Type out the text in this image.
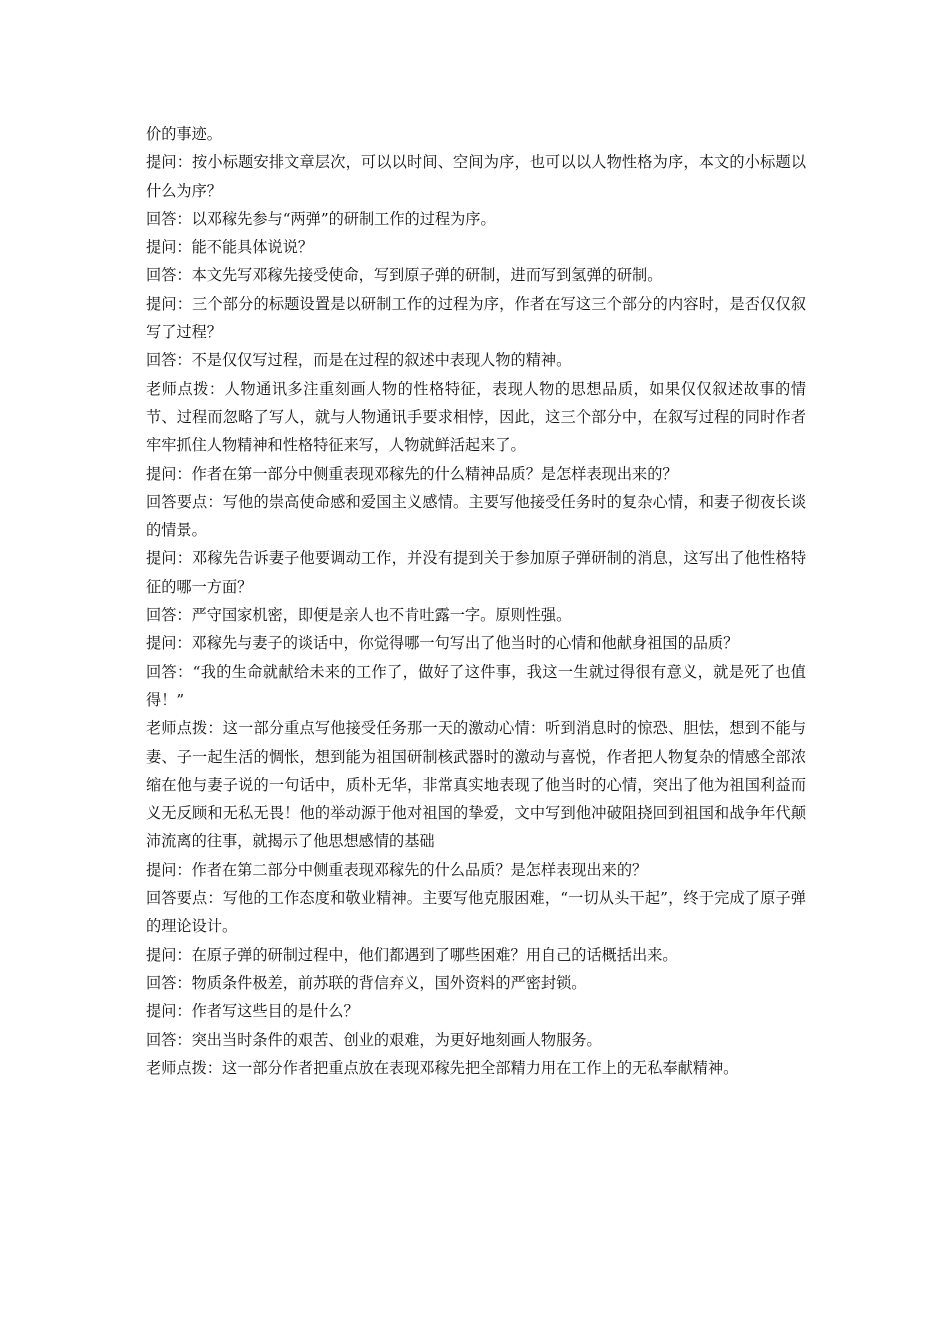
价的事迹。

提问：按小标题安排文章层次，可以以时间、空间为序，也可以以人物性格为序，本文的小标题以什么为序？

回答：以邓稼先参与“两弹”的研制工作的过程为序。

提问：能不能具体说说？

回答：本文先写邓稼先接受使命，写到原子弹的研制，进而写到氢弹的研制。

提问：三个部分的标题设置是以研制工作的过程为序，作者在写这三个部分的内容时，是否仅仅叙写了过程？

回答：不是仅仅写过程，而是在过程的叙述中表现人物的精神。

老师点拨：人物通讯多注重刻画人物的性格特征，表现人物的思想品质，如果仅仅叙述故事的情节、过程而忽略了写人，就与人物通讯手要求相悖，因此，这三个部分中，在叙写过程的同时作者牢牢抓住人物精神和性格特征来写，人物就鲜活起来了。

提问：作者在第一部分中侧重表现邓稼先的什么精神品质？是怎样表现出来的？

回答要点：写他的崇高使命感和爱国主义感情。主要写他接受任务时的复杂心情，和妻子彻夜长谈的情景。

提问：邓稼先告诉妻子他要调动工作，并没有提到关于参加原子弹研制的消息，这写出了他性格特征的哪一方面？

回答：严守国家机密，即便是亲人也不肯吐露一字。原则性强。

提问：邓稼先与妻子的谈话中，你觉得哪一句写出了他当时的心情和他献身祖国的品质？

回答：“我的生命就献给未来的工作了，做好了这件事，我这一生就过得很有意义，就是死了也值得！”

老师点拨：这一部分重点写他接受任务那一天的激动心情：听到消息时的惊恐、胆怯，想到不能与妻、子一起生活的惆怅，想到能为祖国研制核武器时的激动与喜悦，作者把人物复杂的情感全部浓缩在他与妻子说的一句话中，质朴无华，非常真实地表现了他当时的心情，突出了他为祖国利益而义无反顾和无私无畏！他的举动源于他对祖国的挚爱，文中写到他冲破阻挠回到祖国和战争年代颠沛流离的往事，就揭示了他思想感情的基础

提问：作者在第二部分中侧重表现邓稼先的什么品质？是怎样表现出来的？

回答要点：写他的工作态度和敬业精神。主要写他克服困难，“一切从头干起”，终于完成了原子弹的理论设计。

提问：在原子弹的研制过程中，他们都遇到了哪些困难？用自己的话概括出来。

回答：物质条件极差，前苏联的背信弃义，国外资料的严密封锁。

提问：作者写这些目的是什么？

回答：突出当时条件的艰苦、创业的艰难，为更好地刻画人物服务。

老师点拨：这一部分作者把重点放在表现邓稼先把全部精力用在工作上的无私奉献精神。
